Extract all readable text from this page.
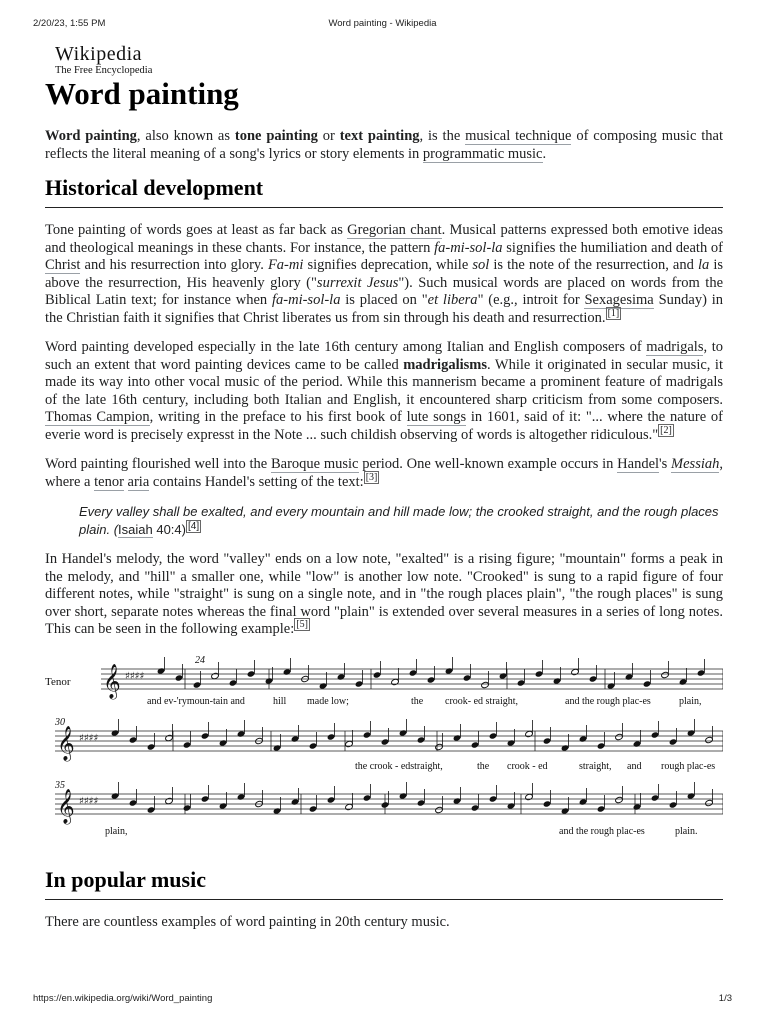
2/20/23, 1:55 PM	Word painting - Wikipedia
Wikipedia
The Free Encyclopedia
Word painting

Word painting, also known as tone painting or text painting, is the musical technique of composing music that reflects the literal meaning of a song's lyrics or story elements in programmatic music.

Historical development

Tone painting of words goes at least as far back as Gregorian chant. Musical patterns expressed both emotive ideas and theological meanings in these chants. For instance, the pattern fa-mi-sol-la signifies the humiliation and death of Christ and his resurrection into glory. Fa-mi signifies deprecation, while sol is the note of the resurrection, and la is above the resurrection, His heavenly glory ("surrexit Jesus"). Such musical words are placed on words from the Biblical Latin text; for instance when fa-mi-sol-la is placed on "et libera" (e.g., introit for Sexagesima Sunday) in the Christian faith it signifies that Christ liberates us from sin through his death and resurrection. [1]

Word painting developed especially in the late 16th century among Italian and English composers of madrigals, to such an extent that word painting devices came to be called madrigalisms. While it originated in secular music, it made its way into other vocal music of the period. While this mannerism became a prominent feature of madrigals of the late 16th century, including both Italian and English, it encountered sharp criticism from some composers. Thomas Campion, writing in the preface to his first book of lute songs in 1601, said of it: "... where the nature of everie word is precisely expresst in the Note ... such childish observing of words is altogether ridiculous." [2]

Word painting flourished well into the Baroque music period. One well-known example occurs in Handel's Messiah, where a tenor aria contains Handel's setting of the text: [3]

Every valley shall be exalted, and every mountain and hill made low; the crooked straight, and the rough places plain. (Isaiah 40:4) [4]

In Handel's melody, the word "valley" ends on a low note, "exalted" is a rising figure; "mountain" forms a peak in the melody, and "hill" a smaller one, while "low" is another low note. "Crooked" is sung to a rapid figure of four different notes, while "straight" is sung on a single note, and in "the rough places plain", "the rough places" is sung over short, separate notes whereas the final word "plain" is extended over several measures in a series of long notes. This can be seen in the following example: [5]

Tenor
24
30
35
𝄞 ♯♯♯♯
𝄞 ♯♯♯♯
𝄞 ♯♯♯♯
and ev-'rymoun-tain and	hill made low;	the crook- ed straight,	and the rough plac-es	plain,
the crook - edstraight,	the crook - ed	straight, and rough plac-es
plain,	and the rough plac-es	plain.
In popular music

There are countless examples of word painting in 20th century music.

https://en.wikipedia.org/wiki/Word_painting	1/3
